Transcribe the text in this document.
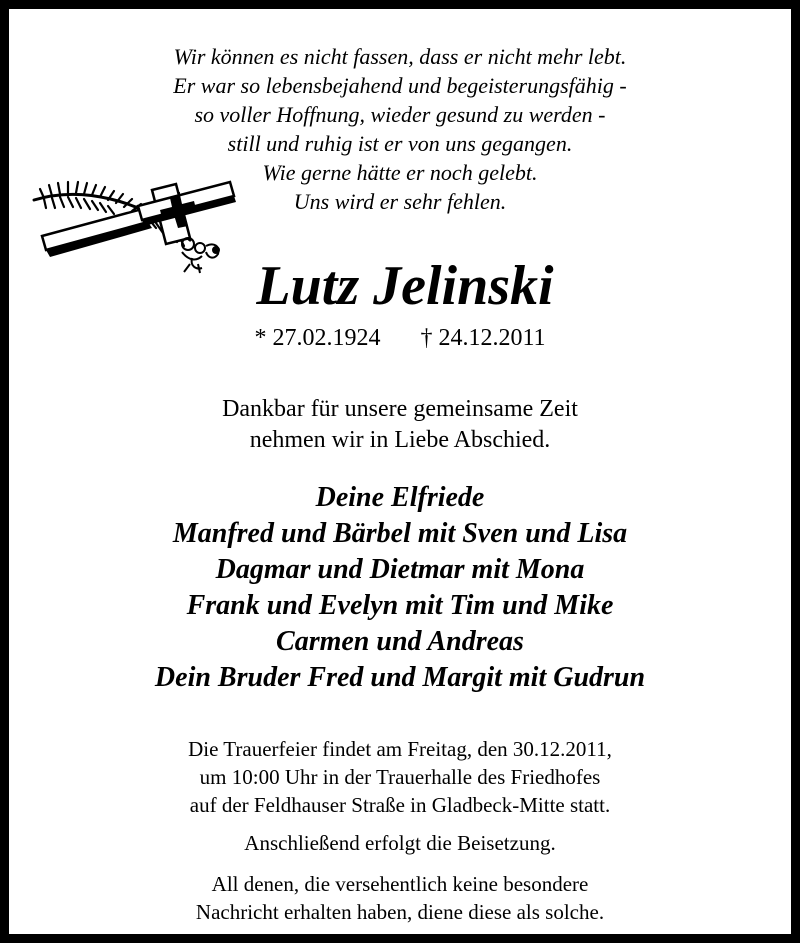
Wir können es nicht fassen, dass er nicht mehr lebt.
Er war so lebensbejahend und begeisterungsfähig -
so voller Hoffnung, wieder gesund zu werden -
still und ruhig ist er von uns gegangen.
Wie gerne hätte er noch gelebt.
Uns wird er sehr fehlen.
Lutz Jelinski
* 27.02.1924 † 24.12.2011
Dankbar für unsere gemeinsame Zeit
nehmen wir in Liebe Abschied.
Deine Elfriede
Manfred und Bärbel mit Sven und Lisa
Dagmar und Dietmar mit Mona
Frank und Evelyn mit Tim und Mike
Carmen und Andreas
Dein Bruder Fred und Margit mit Gudrun
Die Trauerfeier findet am Freitag, den 30.12.2011,
um 10:00 Uhr in der Trauerhalle des Friedhofes
auf der Feldhauser Straße in Gladbeck-Mitte statt.
Anschließend erfolgt die Beisetzung.
All denen, die versehentlich keine besondere
Nachricht erhalten haben, diene diese als solche.
